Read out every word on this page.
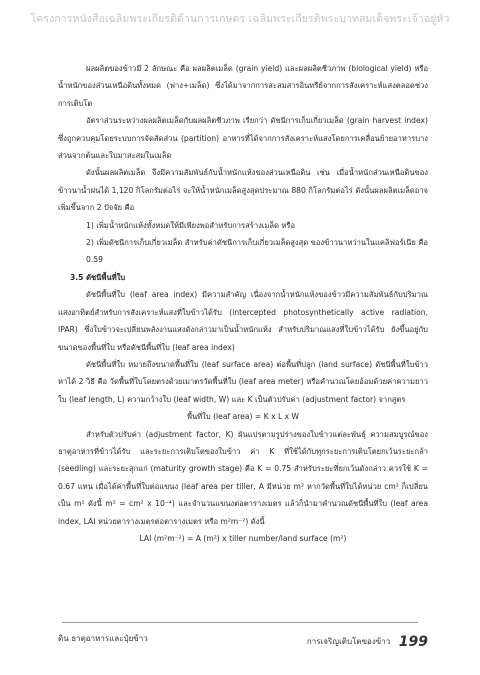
โครงการหนังสือเฉลิมพระเกียรติด้านการเกษตร เฉลิมพระเกียรติพระบาทสมเด็จพระเจ้าอยู่หัว

ผลผลิตของข้าวมี 2 ลักษณะ คือ ผลผลิตเมล็ด (grain yield) และผลผลิตชีวภาพ (biological yield) หรือน้ำหนักของส่วนเหนือดินทั้งหมด (ฟาง+เมล็ด) ซึ่งได้มาจากการสะสมสารอินทรีย์จากการสังเคราะห์แสงตลอดช่วงการเติบโต

อัตราส่วนระหว่างผลผลิตเมล็ดกับผลผลิตชีวภาพ เรียกว่า ดัชนีการเก็บเกี่ยวเมล็ด (grain harvest index) ซึ่งถูกควบคุมโดยระบบการจัดสัดส่วน (partition) อาหารที่ได้จากการสังเคราะห์แสงโดยการเคลื่อนย้ายอาหารบางส่วนจากต้นและใบมาสะสมในเมล็ด

ดังนั้นผลผลิตเมล็ด จึงมีความสัมพันธ์กับน้ำหนักแห้งของส่วนเหนือดิน เช่น เมื่อน้ำหนักส่วนเหนือดินของข้าวนาน้ำฝนได้ 1,120 กิโลกรัมต่อไร่ จะให้น้ำหนักเมล็ดสูงสุดประมาณ 880 กิโลกรัมต่อไร่ ดังนั้นผลผลิตเมล็ดอาจเพิ่มขึ้นจาก 2 ปัจจัย คือ

1) เพิ่มน้ำหนักแห้งทั้งหมดให้มีเพียงพอสำหรับการสร้างเมล็ด หรือ

2) เพิ่มดัชนีการเก็บเกี่ยวเมล็ด สำหรับค่าดัชนีการเก็บเกี่ยวเมล็ดสูงสุด ของข้าวนาหว่านในแคลิฟอร์เนีย คือ 0.59

3.5 ดัชนีพื้นที่ใบ

ดัชนีพื้นที่ใบ (leaf area index) มีความสำคัญ เนื่องจากน้ำหนักแห้งของข้าวมีความสัมพันธ์กับปริมาณแสงอาทิตย์สำหรับการสังเคราะห์แสงที่ใบข้าวได้รับ (intercepted photosynthetically active radiation, IPAR) ซึ่งใบข้าวจะเปลี่ยนพลังงานแสงดังกล่าวมาเป็นน้ำหนักแห้ง สำหรับปริมาณแสงที่ใบข้าวได้รับ ยังขึ้นอยู่กับขนาดของพื้นที่ใบ หรือดัชนีพื้นที่ใบ (leaf area index)

ดัชนีพื้นที่ใบ หมายถึงขนาดพื้นที่ใบ (leaf surface area) ต่อพื้นที่ปลูก (land surface) ดัชนีพื้นที่ใบข้าวหาได้ 2 วิธี คือ วัดพื้นที่ใบโดยตรงด้วยเมาตรวัดพื้นที่ใบ (leaf area meter) หรือคำนวณโดยอ้อมด้วยค่าความยาวใบ (leaf length, L) ความกว้างใบ (leaf width, W) และ K เป็นตัวปรับค่า (adjustment factor) จากสูตร

พื้นที่ใบ (leaf area) = K x L x W

สำหรับตัวปรับค่า (adjustment factor, K) ผันแปรตามรูปร่างของใบข้าวแต่ละพันธุ์ ความสมบูรณ์ของธาตุอาหารที่ข้าวได้รับ และระยะการเติบโตของใบข้าว ค่า K ที่ใช้ได้กับทุกระยะการเติบโตยกเว้นระยะกล้า (seedling) และระยะสุกแก่ (maturity growth stage) คือ K = 0.75 สำหรับระยะที่ยกเว้นดังกล่าว ควรใช้ K = 0.67 แทน เมื่อได้ค่าพื้นที่ใบต่อแขนง (leaf area per tiller, A มีหน่วย m² หากวัดพื้นที่ใบได้หน่วย cm² ก็เปลี่ยนเป็น m² ดังนี้ m² = cm² x 10⁻⁴) และจำนวนแขนงต่อตารางเมตร แล้วก็นำมาคำนวณดัชนีพื้นที่ใบ (leaf area index, LAI หน่วยตารางเมตรต่อตารางเมตร หรือ m²m⁻²) ดังนี้

LAI (m²m⁻²) = A (m²) x tiller number/land surface (m²)

ดิน ธาตุอาหารและปุ๋ยข้าว	การเจริญเติบโตของข้าว 199
